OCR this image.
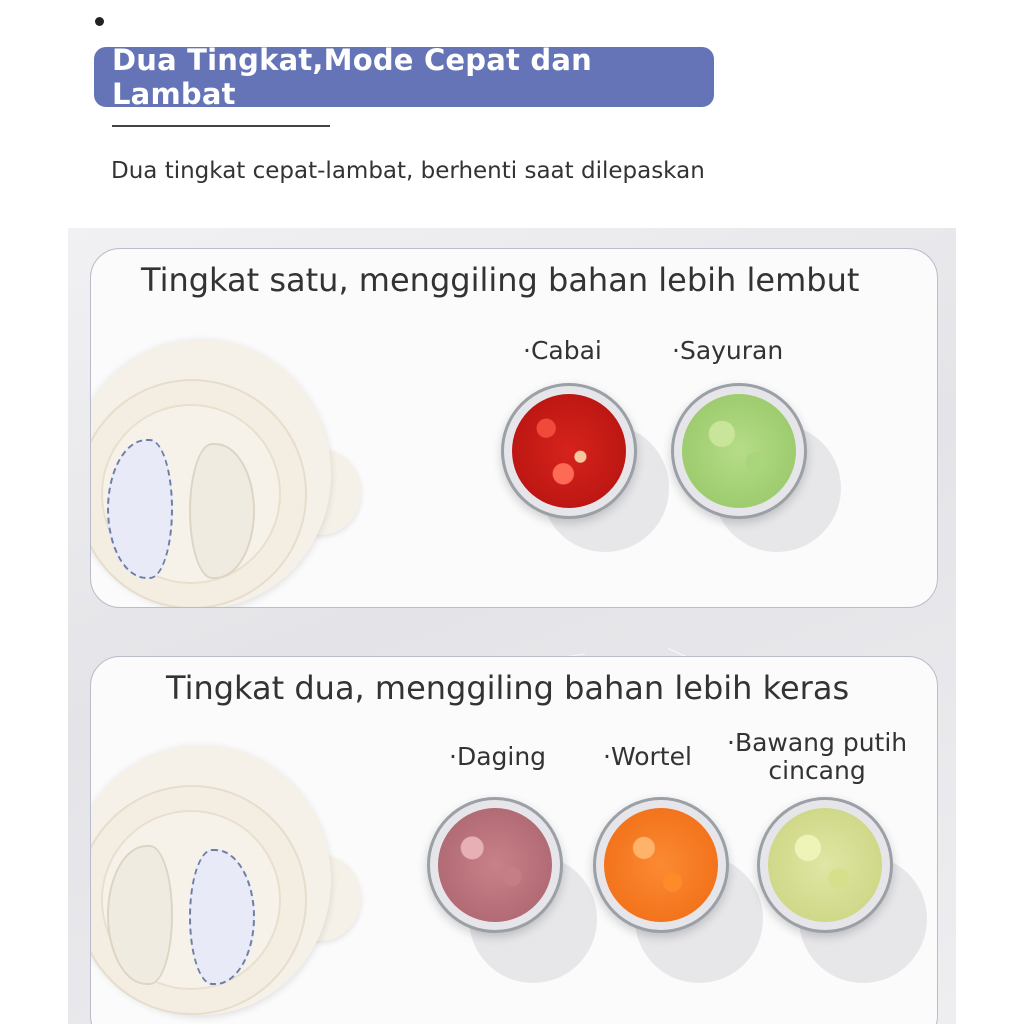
Dua Tingkat,Mode Cepat dan Lambat
Dua tingkat cepat-lambat, berhenti saat dilepaskan
Tingkat satu, menggiling bahan lebih lembut
·Cabai	·Sayuran
Tingkat dua, menggiling bahan lebih keras
·Daging ·Wortel ·Bawang putih
cincang
